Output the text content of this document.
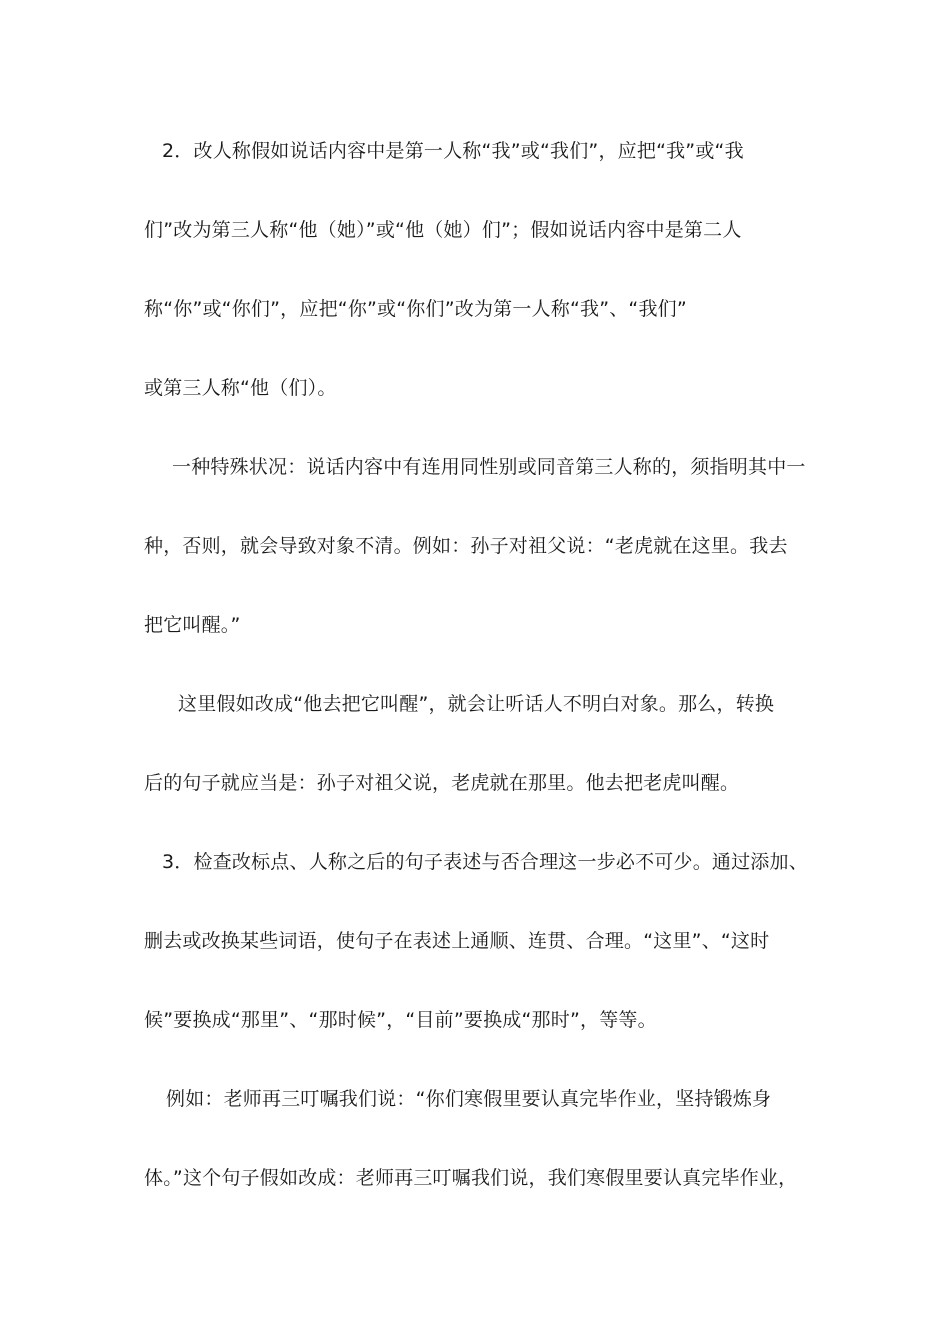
2．改人称假如说话内容中是第一人称“我”或“我们”，应把“我”或“我
们”改为第三人称“他（她）”或“他（她）们”；假如说话内容中是第二人
称“你”或“你们”，应把“你”或“你们”改为第一人称“我”、“我们”
或第三人称“他（们）。
一种特殊状况：说话内容中有连用同性别或同音第三人称的，须指明其中一
种，否则，就会导致对象不清。例如：孙子对祖父说：“老虎就在这里。我去
把它叫醒。”
这里假如改成“他去把它叫醒”，就会让听话人不明白对象。那么，转换
后的句子就应当是：孙子对祖父说，老虎就在那里。他去把老虎叫醒。
3．检查改标点、人称之后的句子表述与否合理这一步必不可少。通过添加、
删去或改换某些词语，使句子在表述上通顺、连贯、合理。“这里”、“这时
候”要换成“那里”、“那时候”，“目前”要换成“那时”，等等。
例如：老师再三叮嘱我们说：“你们寒假里要认真完毕作业，坚持锻炼身
体。”这个句子假如改成：老师再三叮嘱我们说，我们寒假里要认真完毕作业，
